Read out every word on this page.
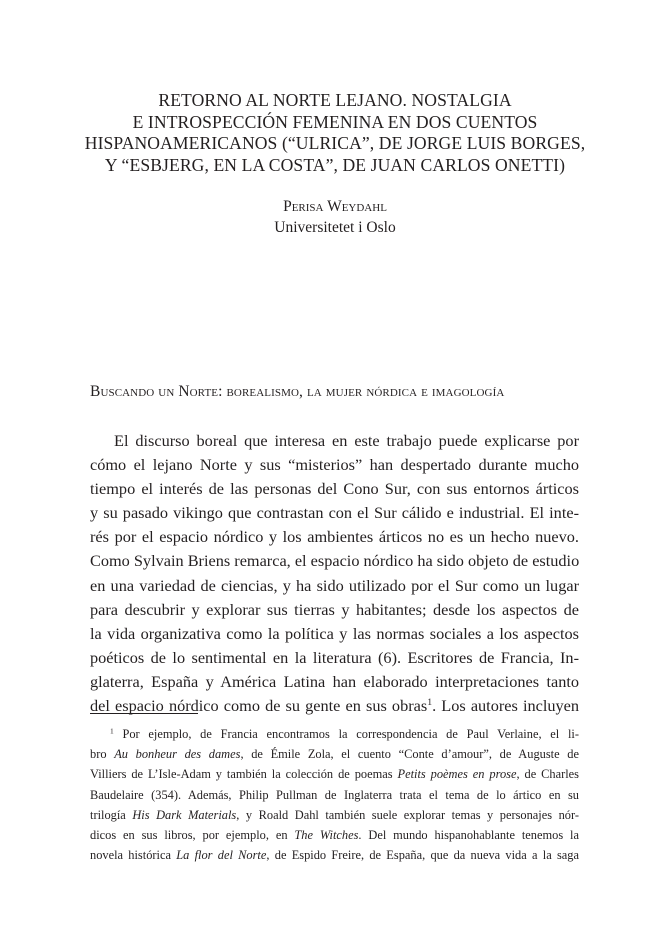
RETORNO AL NORTE LEJANO. NOSTALGIA
E INTROSPECCIÓN FEMENINA EN DOS CUENTOS
HISPANOAMERICANOS (“ULRICA”, DE JORGE LUIS BORGES,
Y “ESBJERG, EN LA COSTA”, DE JUAN CARLOS ONETTI)
Perisa Weydahl
Universitetet i Oslo
Buscando un Norte: borealismo, la mujer nórdica e imagología
El discurso boreal que interesa en este trabajo puede explicarse por
cómo el lejano Norte y sus “misterios” han despertado durante mucho
tiempo el interés de las personas del Cono Sur, con sus entornos árticos
y su pasado vikingo que contrastan con el Sur cálido e industrial. El inte-
rés por el espacio nórdico y los ambientes árticos no es un hecho nuevo.
Como Sylvain Briens remarca, el espacio nórdico ha sido objeto de estudio
en una variedad de ciencias, y ha sido utilizado por el Sur como un lugar
para descubrir y explorar sus tierras y habitantes; desde los aspectos de
la vida organizativa como la política y las normas sociales a los aspectos
poéticos de lo sentimental en la literatura (6). Escritores de Francia, In-
glaterra, España y América Latina han elaborado interpretaciones tanto
del espacio nórdico como de su gente en sus obras$^1$. Los autores incluyen
$^1$ Por ejemplo, de Francia encontramos la correspondencia de Paul Verlaine, el li-
bro Au bonheur des dames, de Émile Zola, el cuento “Conte d’amour”, de Auguste de
Villiers de L’Isle-Adam y también la colección de poemas Petits poèmes en prose, de Charles
Baudelaire (354). Además, Philip Pullman de Inglaterra trata el tema de lo ártico en su
trilogía His Dark Materials, y Roald Dahl también suele explorar temas y personajes nór-
dicos en sus libros, por ejemplo, en The Witches. Del mundo hispanohablante tenemos la
novela histórica La flor del Norte, de Espido Freire, de España, que da nueva vida a la saga
